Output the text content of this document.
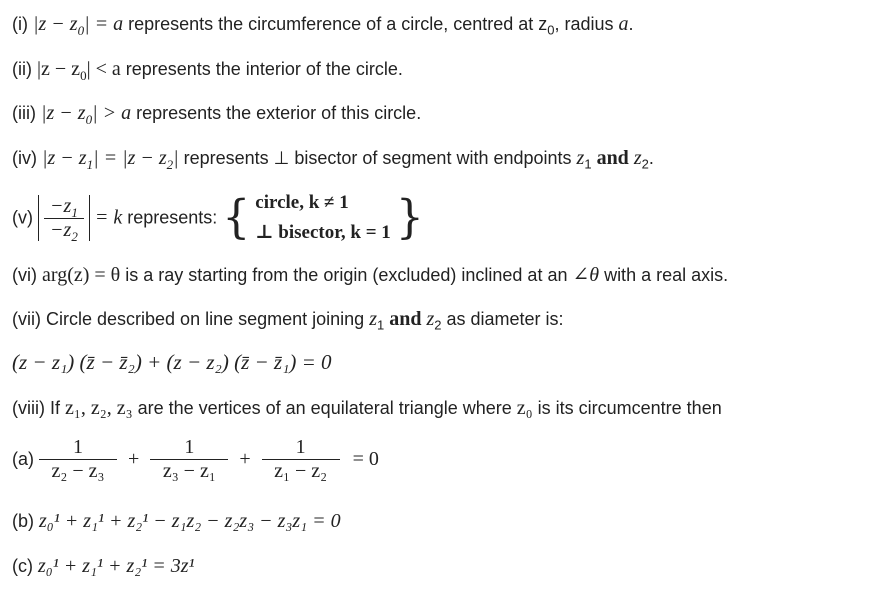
(i) $|z - z_0| = a$ represents the circumference of a circle, centred at $z_0$, radius a.
(ii) $|z - z_0| < a$ represents the interior of the circle.
(iii) $|z - z_0| > a$ represents the exterior of this circle.
(iv) $|z - z_1| = |z - z_2|$ represents ⊥ bisector of segment with endpoints $z_1$ and $z_2$.
$(v) \frac{-z_1}{-z_2} = k$ represents: { circle, k ≠ 1
⊥ bisector, k = 1 }
(vi) arg(z) = θ is a ray starting from the origin (excluded) inclined at an ∠θ with a real axis.
(vii) Circle described on line segment joining $z_1$ and $z_2$ as diameter is:
(z − z₁) (z̄ − z̄₂) + (z − z₂) (z̄ − z̄₁) = 0
(viii) If z₁, z₂, z₃ are the vertices of an equilateral triangle where z₀ is its circumcentre then
$(a) \frac{1}{\text{z₂ − z₃}} + \frac{1}{\text{z₃ − z₁}} + \frac{1}{\text{z₁ − z₂}} = 0$
(b) z₀¹ + z₁¹ + z₂¹ − z₁z₂ − z₂z₃ − z₃z₁ = 0
(c) z₀¹ + z₁¹ + z₂¹ = 3z¹
